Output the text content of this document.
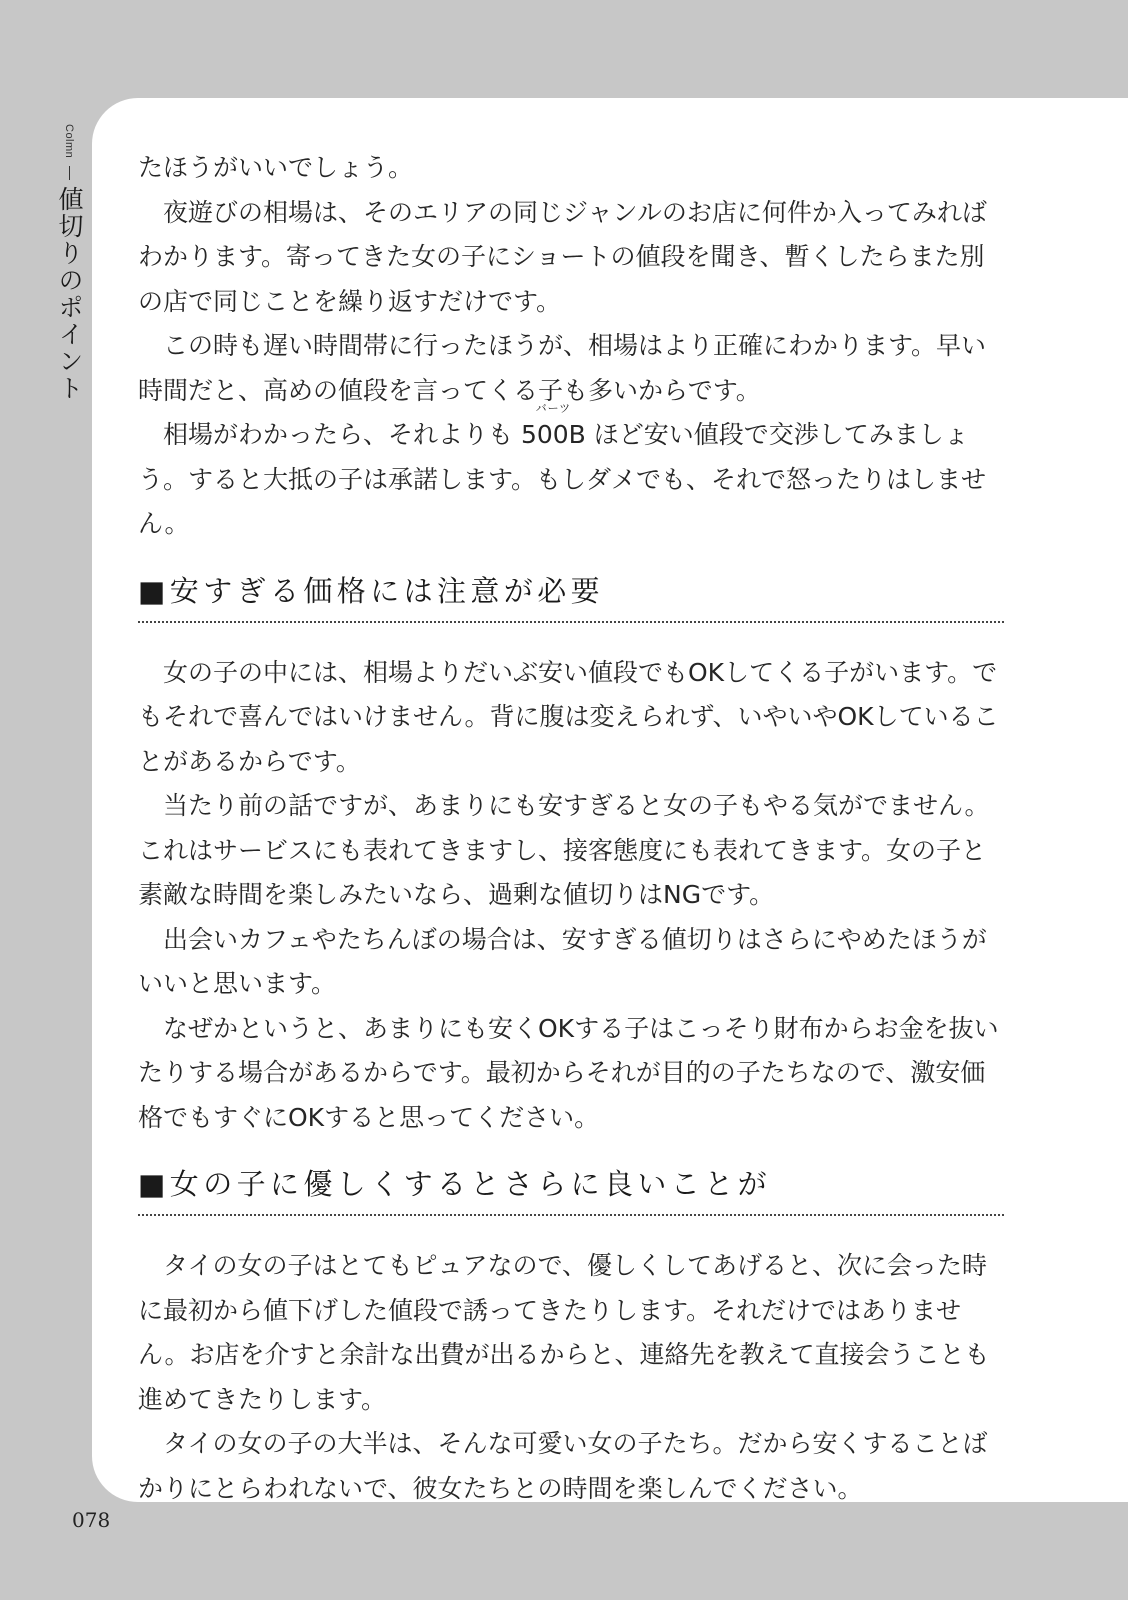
Colmn
値切りのポイント

たほうがいいでしょう。

夜遊びの相場は、そのエリアの同じジャンルのお店に何件か入ってみればわかります。寄ってきた女の子にショートの値段を聞き、暫くしたらまた別の店で同じことを繰り返すだけです。

この時も遅い時間帯に行ったほうが、相場はより正確にわかります。早い時間だと、高めの値段を言ってくる子も多いからです。

相場がわかったら、それよりも 500B
バーツ
ほど安い値段で交渉してみましょう。すると大抵の子は承諾します。もしダメでも、それで怒ったりはしません。

■安すぎる価格には注意が必要

女の子の中には、相場よりだいぶ安い値段でもOKしてくる子がいます。でもそれで喜んではいけません。背に腹は変えられず、いやいやOKしていることがあるからです。

当たり前の話ですが、あまりにも安すぎると女の子もやる気がでません。これはサービスにも表れてきますし、接客態度にも表れてきます。女の子と素敵な時間を楽しみたいなら、過剰な値切りはNGです。

出会いカフェやたちんぼの場合は、安すぎる値切りはさらにやめたほうがいいと思います。

なぜかというと、あまりにも安くOKする子はこっそり財布からお金を抜いたりする場合があるからです。最初からそれが目的の子たちなので、激安価格でもすぐにOKすると思ってください。

■女の子に優しくするとさらに良いことが

タイの女の子はとてもピュアなので、優しくしてあげると、次に会った時に最初から値下げした値段で誘ってきたりします。それだけではありません。お店を介すと余計な出費が出るからと、連絡先を教えて直接会うことも進めてきたりします。

タイの女の子の大半は、そんな可愛い女の子たち。だから安くすることばかりにとらわれないで、彼女たちとの時間を楽しんでください。

078
